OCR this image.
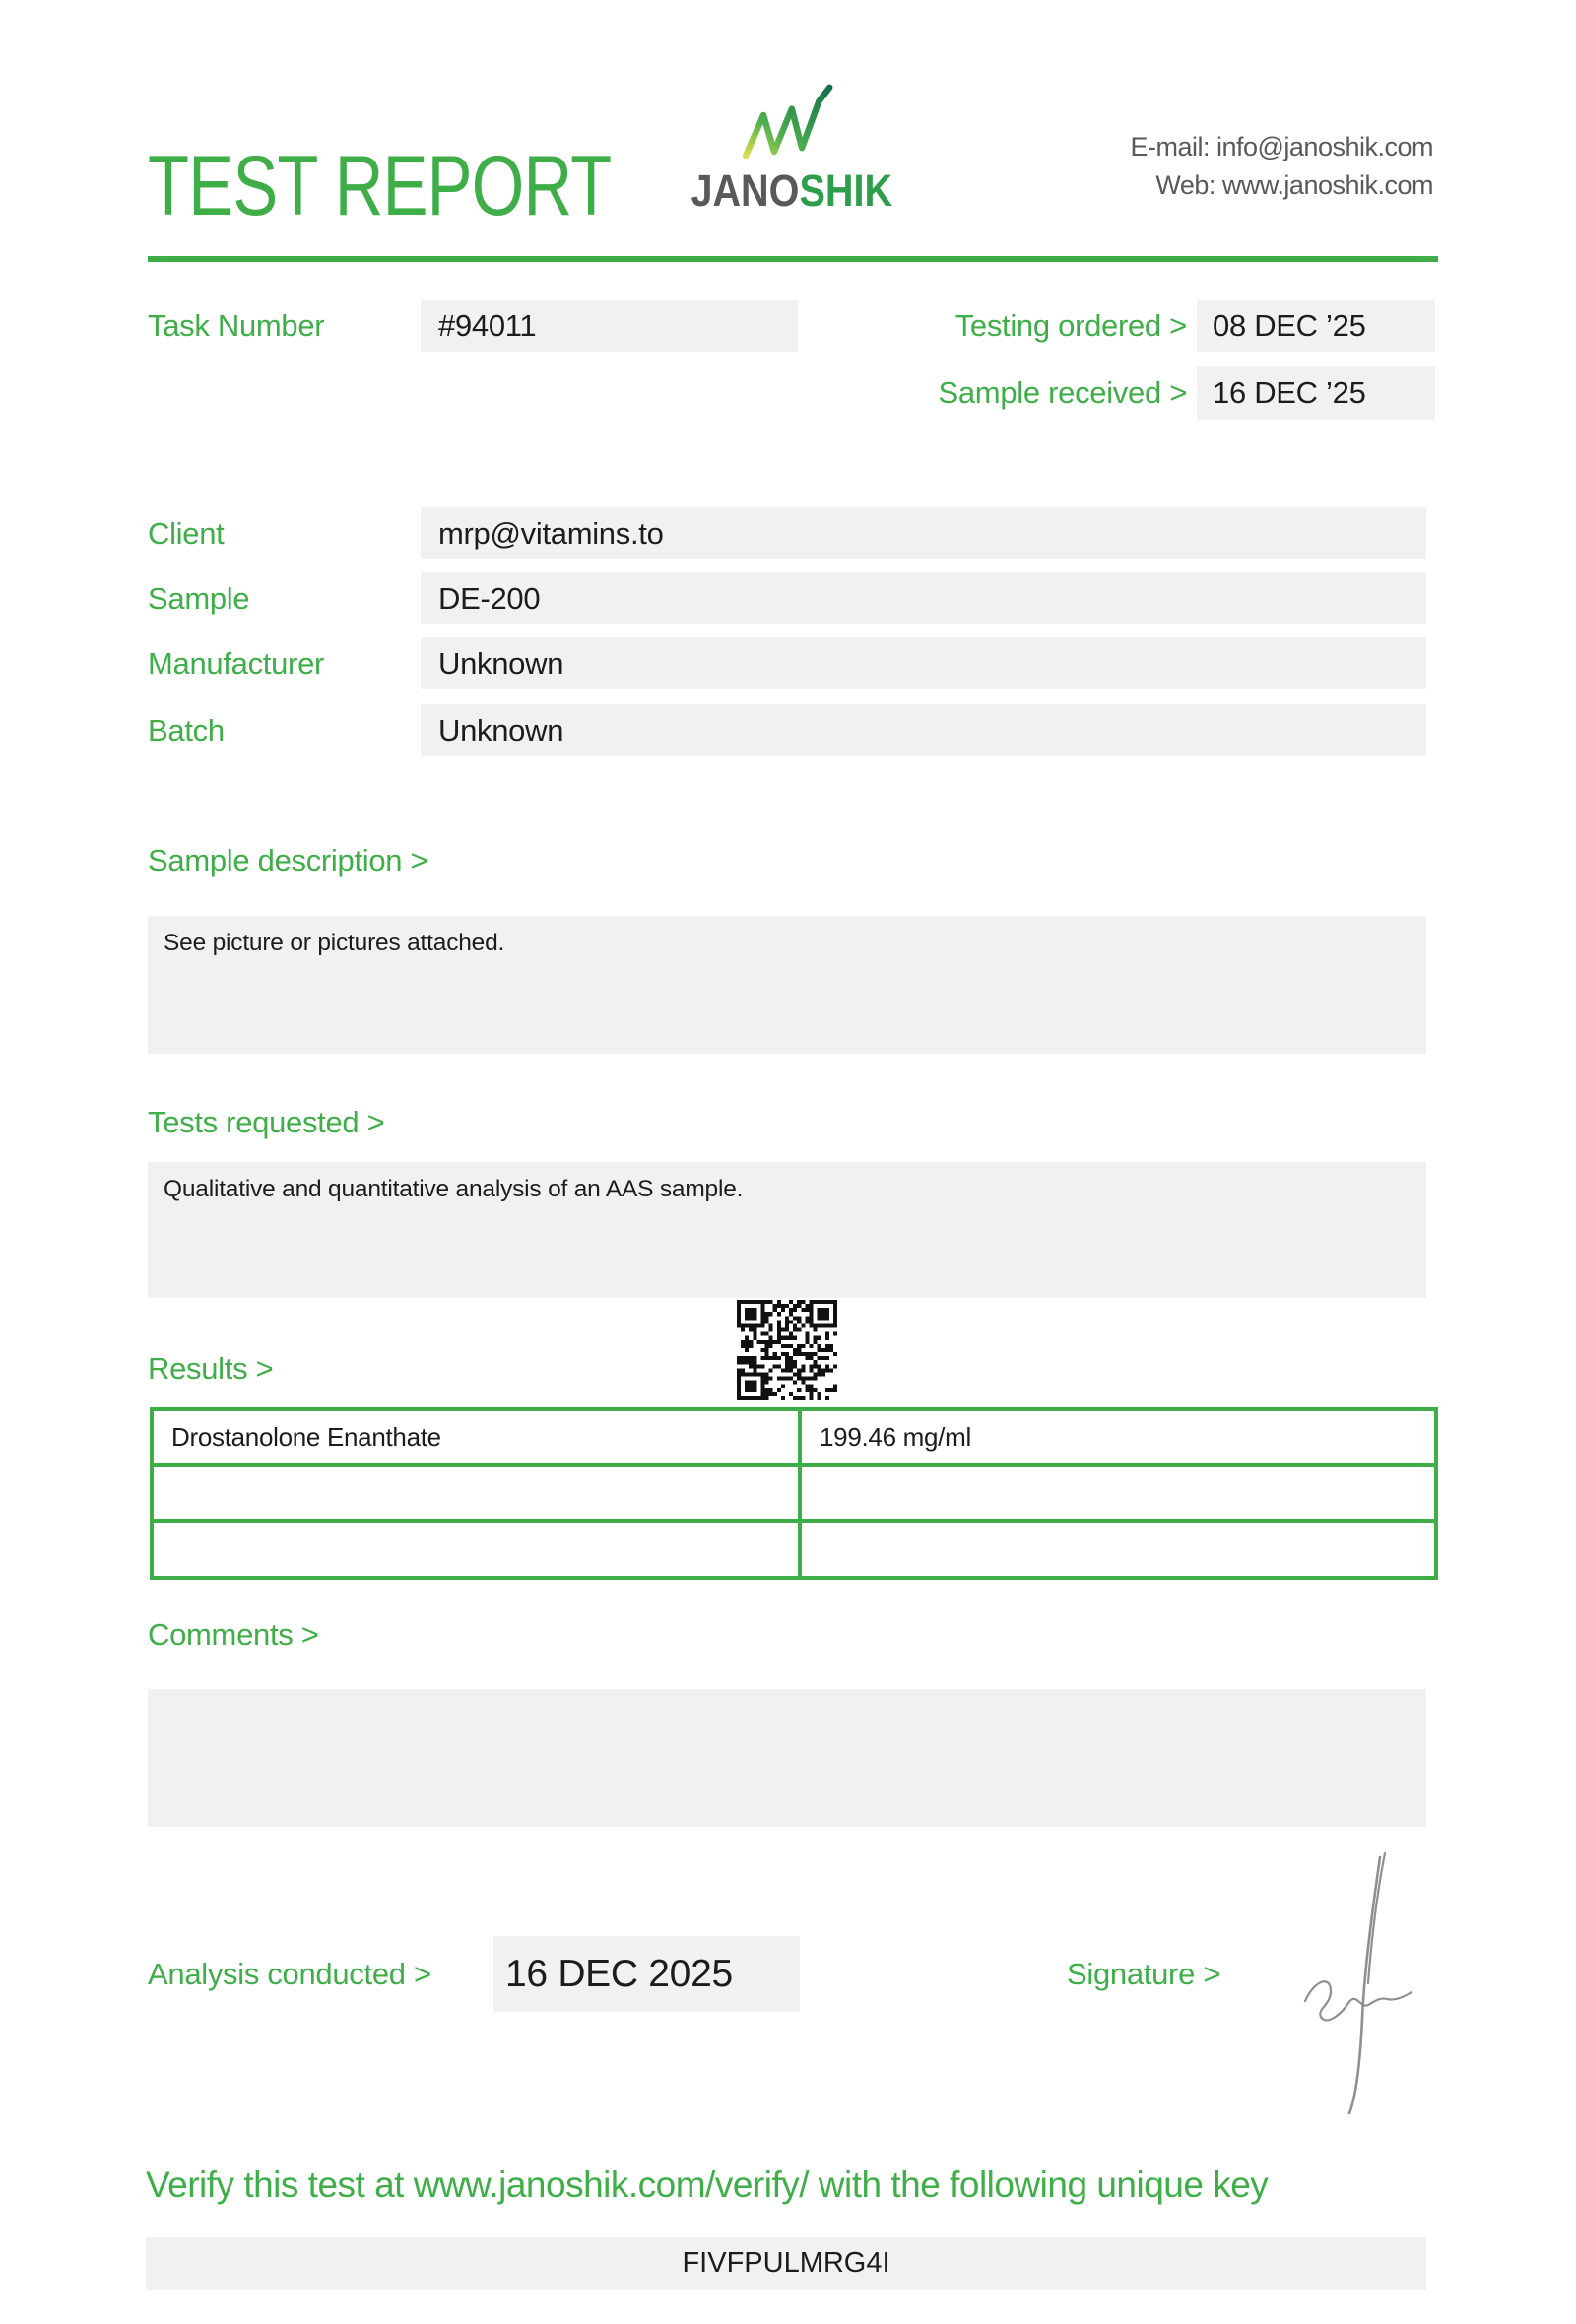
TEST REPORT JANOSHIK
E-mail: info@janoshik.com
Web: www.janoshik.com
Task Number	#94011	Testing ordered > 08 DEC ’25
Sample received > 16 DEC ’25
Client	mrp@vitamins.to
Sample	DE-200
Manufacturer	Unknown
Batch	Unknown
Sample description >
See picture or pictures attached.
Tests requested >
Qualitative and quantitative analysis of an AAS sample.
Results >
Drostanolone Enanthate	199.46 mg/ml

Comments >
Analysis conducted >	16 DEC 2025	Signature >
Verify this test at www.janoshik.com/verify/ with the following unique key
FIVFPULMRG4I
